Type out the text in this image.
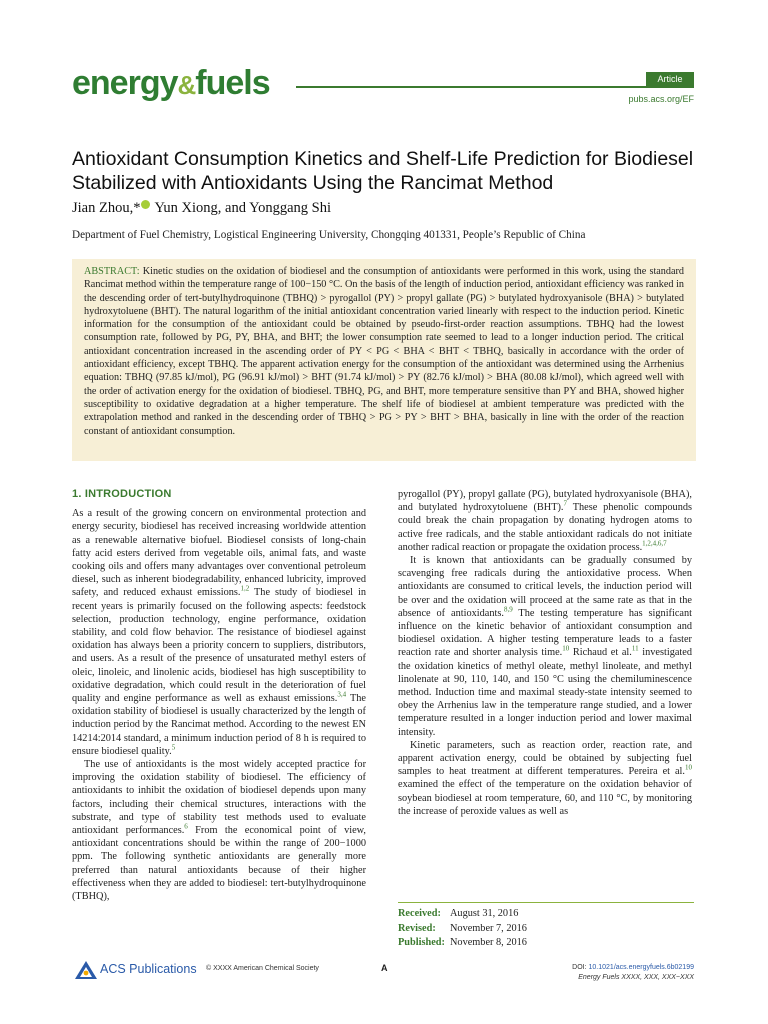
energy&fuels	Article
pubs.acs.org/EF
Antioxidant Consumption Kinetics and Shelf-Life Prediction for Biodiesel Stabilized with Antioxidants Using the Rancimat Method
Jian Zhou,* Yun Xiong, and Yonggang Shi
Department of Fuel Chemistry, Logistical Engineering University, Chongqing 401331, People’s Republic of China
ABSTRACT: Kinetic studies on the oxidation of biodiesel and the consumption of antioxidants were performed in this work, using the standard Rancimat method within the temperature range of 100−150 °C. On the basis of the length of induction period, antioxidant efficiency was ranked in the descending order of tert-butylhydroquinone (TBHQ) > pyrogallol (PY) > propyl gallate (PG) > butylated hydroxyanisole (BHA) > butylated hydroxytoluene (BHT). The natural logarithm of the initial antioxidant concentration varied linearly with respect to the induction period. Kinetic information for the consumption of the antioxidant could be obtained by pseudo-first-order reaction assumptions. TBHQ had the lowest consumption rate, followed by PG, PY, BHA, and BHT; the lower consumption rate seemed to lead to a longer induction period. The critical antioxidant concentration increased in the ascending order of PY < PG < BHA < BHT < TBHQ, basically in accordance with the order of antioxidant efficiency, except TBHQ. The apparent activation energy for the consumption of the antioxidant was determined using the Arrhenius equation: TBHQ (97.85 kJ/mol), PG (96.91 kJ/mol) > BHT (91.74 kJ/mol) > PY (82.76 kJ/mol) > BHA (80.08 kJ/mol), which agreed well with the order of activation energy for the oxidation of biodiesel. TBHQ, PG, and BHT, more temperature sensitive than PY and BHA, showed higher susceptibility to oxidative degradation at a higher temperature. The shelf life of biodiesel at ambient temperature was predicted with the extrapolation method and ranked in the descending order of TBHQ > PG > PY > BHT > BHA, basically in line with the order of the reaction constant of antioxidant consumption.
1. INTRODUCTION

As a result of the growing concern on environmental protection and energy security, biodiesel has received increasing worldwide attention as a renewable alternative biofuel. Biodiesel consists of long-chain fatty acid esters derived from vegetable oils, animal fats, and waste cooking oils and offers many advantages over conventional petroleum diesel, such as inherent biodegradability, enhanced lubricity, improved safety, and reduced exhaust emissions.$^{1,2}$ The study of biodiesel in recent years is primarily focused on the following aspects: feedstock selection, production technology, engine performance, oxidation stability, and cold flow behavior. The resistance of biodiesel against oxidation has always been a priority concern to suppliers, distributors, and users. As a result of the presence of unsaturated methyl esters of oleic, linoleic, and linolenic acids, biodiesel has high susceptibility to oxidative degradation, which could result in the deterioration of fuel quality and engine performance as well as exhaust emissions.$^{3,4}$ The oxidation stability of biodiesel is usually characterized by the length of induction period by the Rancimat method. According to the newest EN 14214:2014 standard, a minimum induction period of 8 h is required to ensure biodiesel quality.$^5$

The use of antioxidants is the most widely accepted practice for improving the oxidation stability of biodiesel. The efficiency of antioxidants to inhibit the oxidation of biodiesel depends upon many factors, including their chemical structures, interactions with the substrate, and type of stability test methods used to evaluate antioxidant performances.$^6$ From the economical point of view, antioxidant concentrations should be within the range of 200−1000 ppm. The following synthetic antioxidants are generally more preferred than natural antioxidants because of their higher effectiveness when they are added to biodiesel: tert-butylhydroquinone (TBHQ),

pyrogallol (PY), propyl gallate (PG), butylated hydroxyanisole (BHA), and butylated hydroxytoluene (BHT).$^7$ These phenolic compounds could break the chain propagation by donating hydrogen atoms to active free radicals, and the stable antioxidant radicals do not initiate another radical reaction or propagate the oxidation process.$^{1,2,4,6,7}$

It is known that antioxidants can be gradually consumed by scavenging free radicals during the antioxidative process. When antioxidants are consumed to critical levels, the induction period will be over and the oxidation will proceed at the same rate as that in the absence of antioxidants.$^{8,9}$ The testing temperature has significant influence on the kinetic behavior of antioxidant consumption and biodiesel oxidation. A higher testing temperature leads to a faster reaction rate and shorter analysis time.$^{10}$ Richaud et al.$^{11}$ investigated the oxidation kinetics of methyl oleate, methyl linoleate, and methyl linolenate at 90, 110, 140, and 150 °C using the chemiluminescence method. Induction time and maximal steady-state intensity seemed to obey the Arrhenius law in the temperature range studied, and a lower temperature resulted in a longer induction period and lower maximal intensity.

Kinetic parameters, such as reaction order, reaction rate, and apparent activation energy, could be obtained by subjecting fuel samples to heat treatment at different temperatures. Pereira et al.$^{10}$ examined the effect of the temperature on the oxidation behavior of soybean biodiesel at room temperature, 60, and 110 °C, by monitoring the increase of peroxide values as well as

Received: August 31, 2016
Revised: November 7, 2016
Published: November 8, 2016
ACS Publications © XXXX American Chemical Society	A	DOI: 10.1021/acs.energyfuels.6b02199
Energy Fuels XXXX, XXX, XXX−XXX
